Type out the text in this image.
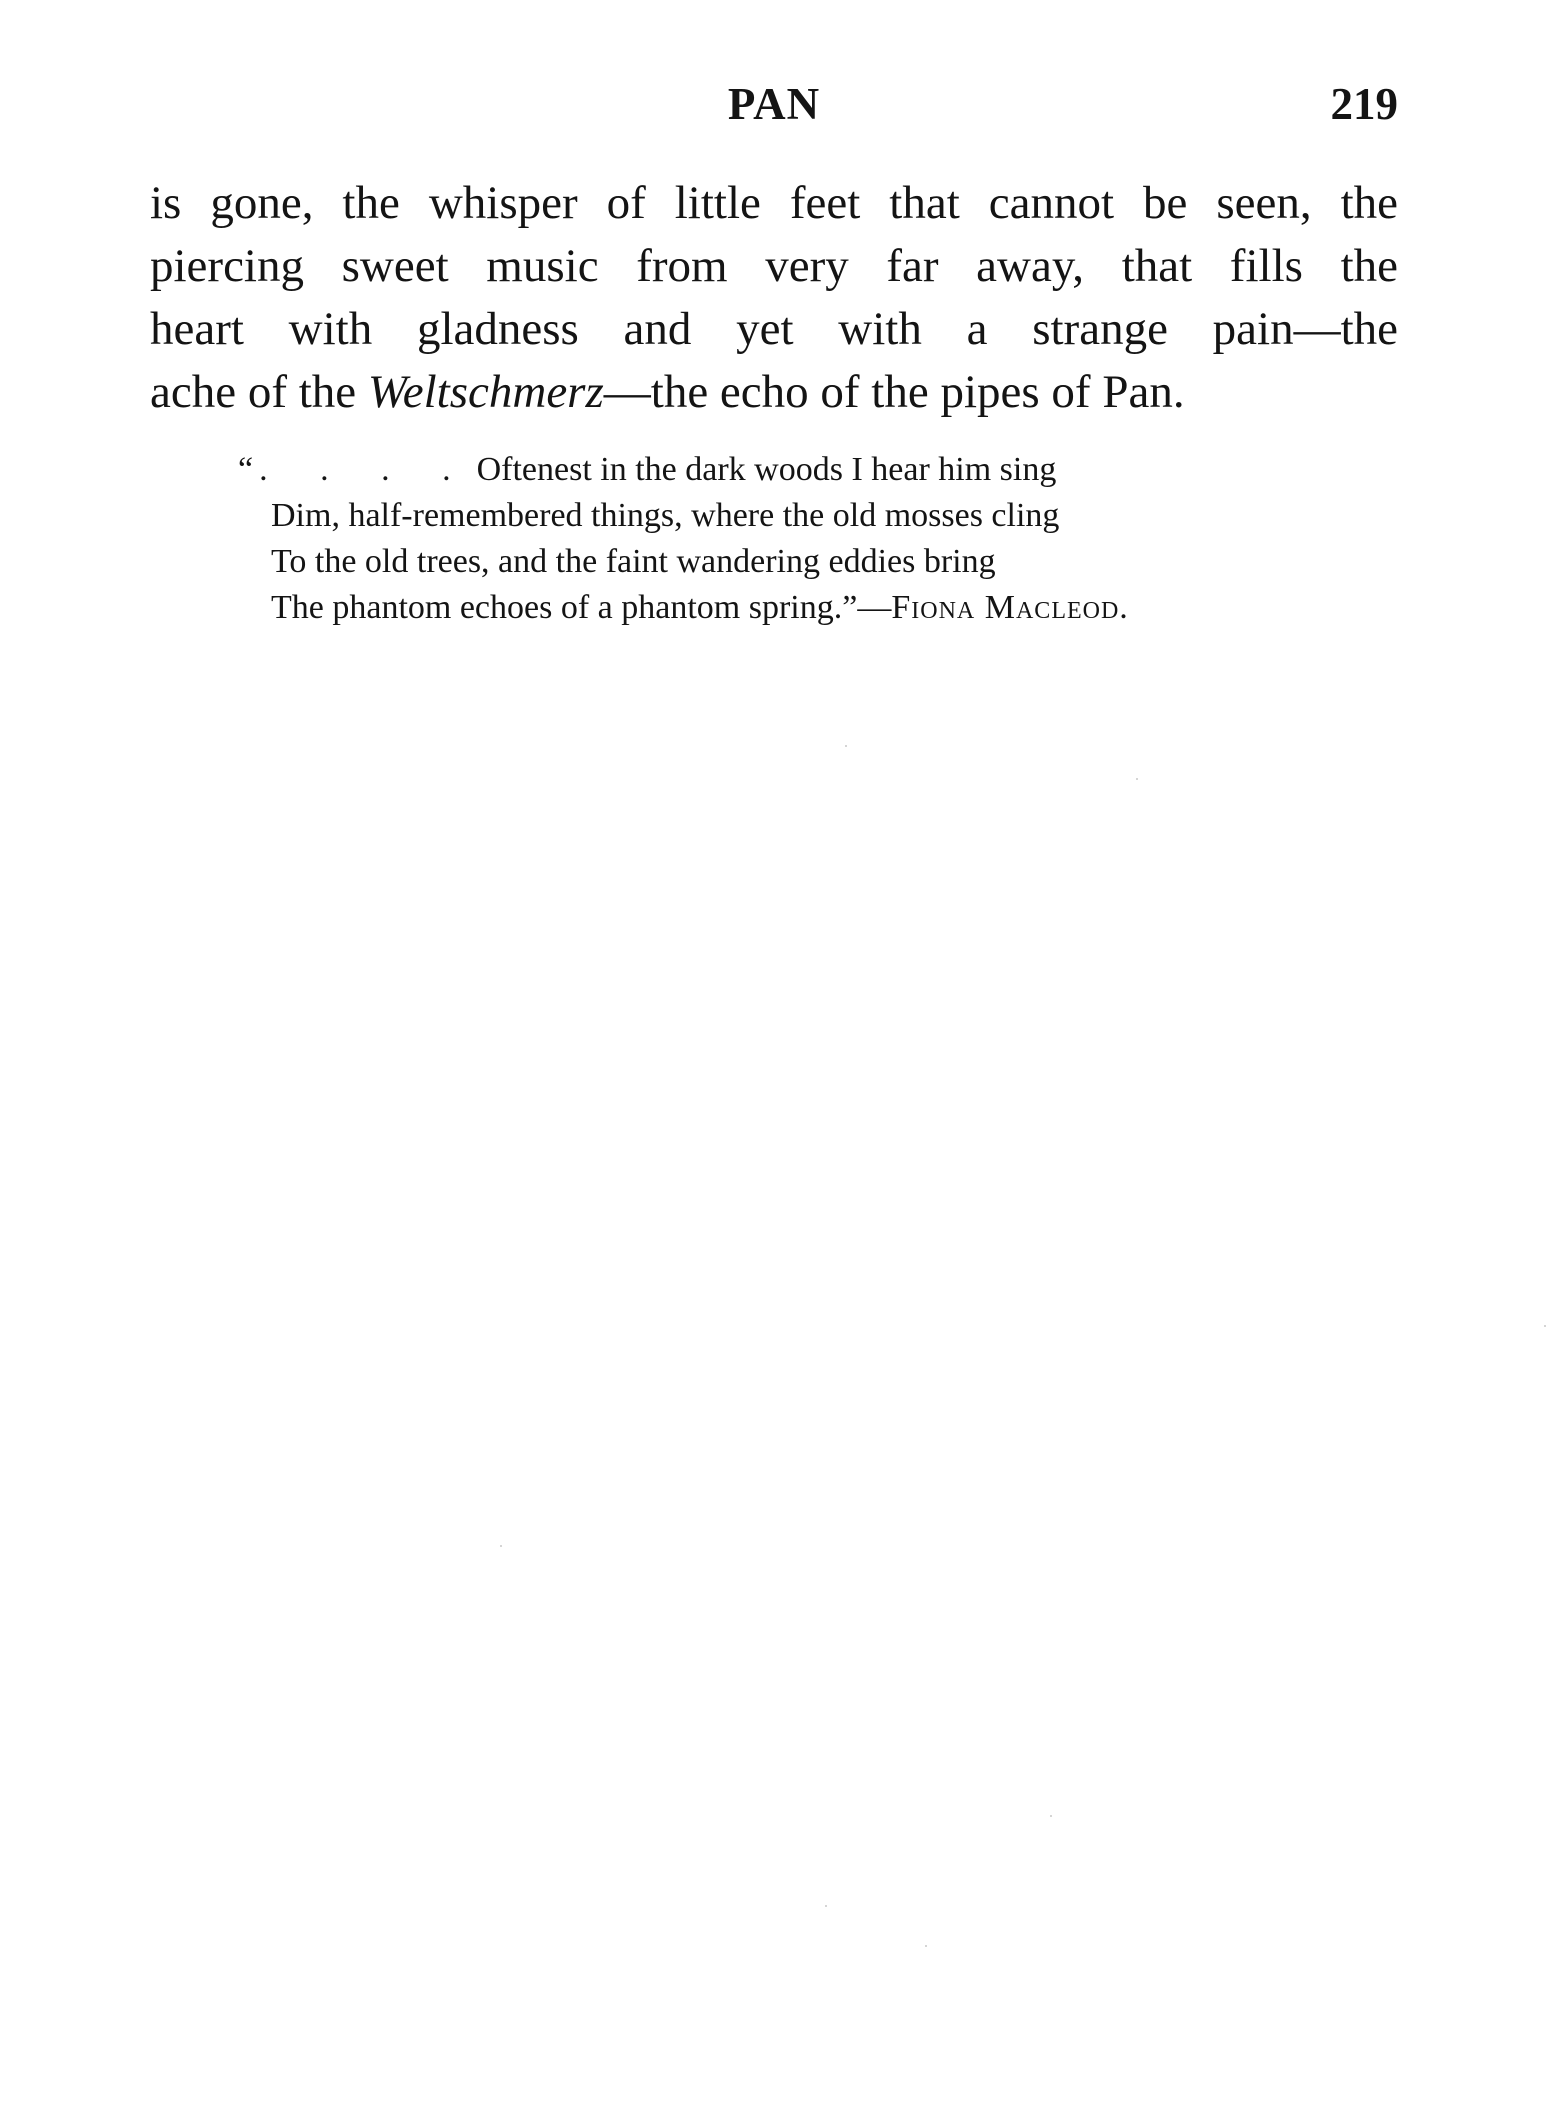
PAN	219
is gone, the whisper of little feet that cannot be seen, the
piercing sweet music from very far away, that fills the
heart with gladness and yet with a strange pain—the
ache of the Weltschmerz—the echo of the pipes of Pan.
“ . . . . Oftenest in the dark woods I hear him sing
Dim, half-remembered things, where the old mosses cling
To the old trees, and the faint wandering eddies bring
The phantom echoes of a phantom spring.”—Fiona Macleod.
